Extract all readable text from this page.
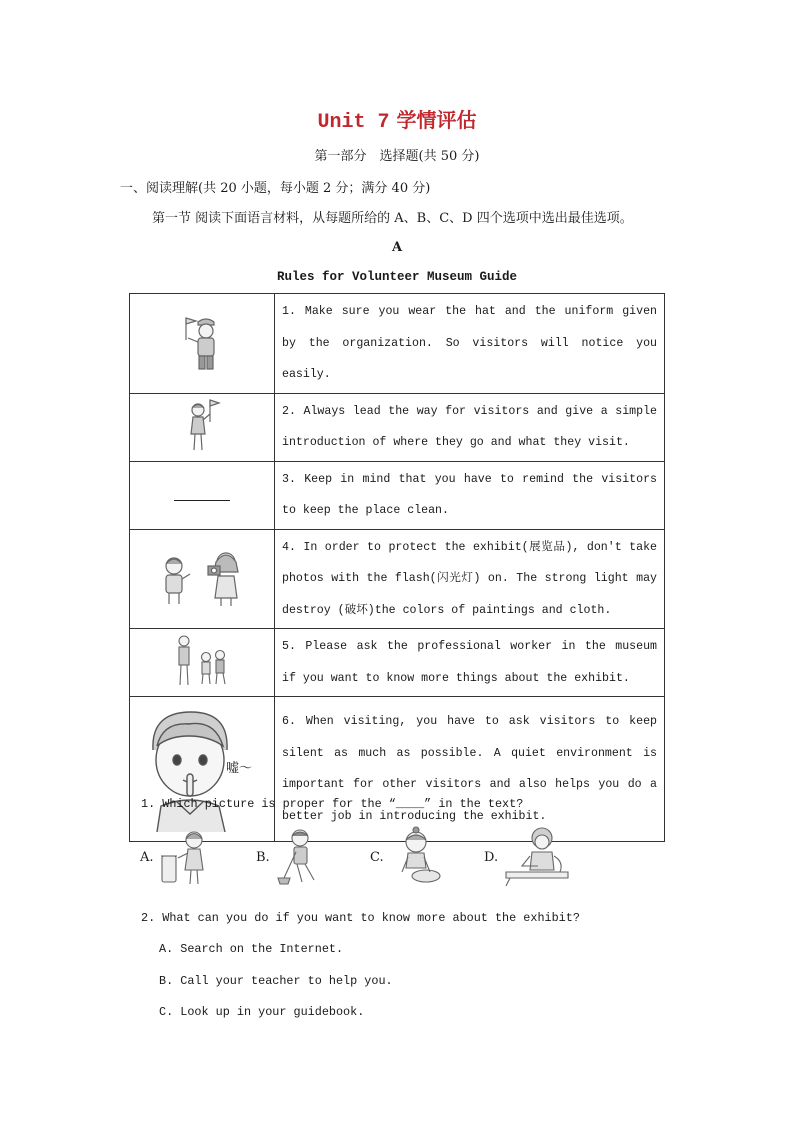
Unit 7 学情评估
第一部分　选择题(共 50 分)
一、阅读理解(共 20 小题，每小题 2 分；满分 40 分)
第一节 阅读下面语言材料，从每题所给的 A、B、C、D 四个选项中选出最佳选项。
A
Rules for Volunteer Museum Guide
	1. Make sure you wear the hat and the uniform given by the organization. So visitors will notice you easily.
	2. Always lead the way for visitors and give a simple introduction of where they go and what they visit.
	3. Keep in mind that you have to remind the visitors to keep the place clean.
	4. In order to protect the exhibit(展览品), don't take photos with the flash(闪光灯) on. The strong light may destroy (破坏)the colors of paintings and cloth.
	5. Please ask the professional worker in the museum if you want to know more things about the exhibit.

嘘～	6. When visiting, you have to ask visitors to keep silent as much as possible. A quiet environment is important for other visitors and also helps you do a better job in introducing the exhibit.
1. Which picture is proper for the “____” in the text?
A.	B.	C.	D.
2. What can you do if you want to know more about the exhibit?
A. Search on the Internet.
B. Call your teacher to help you.
C. Look up in your guidebook.
